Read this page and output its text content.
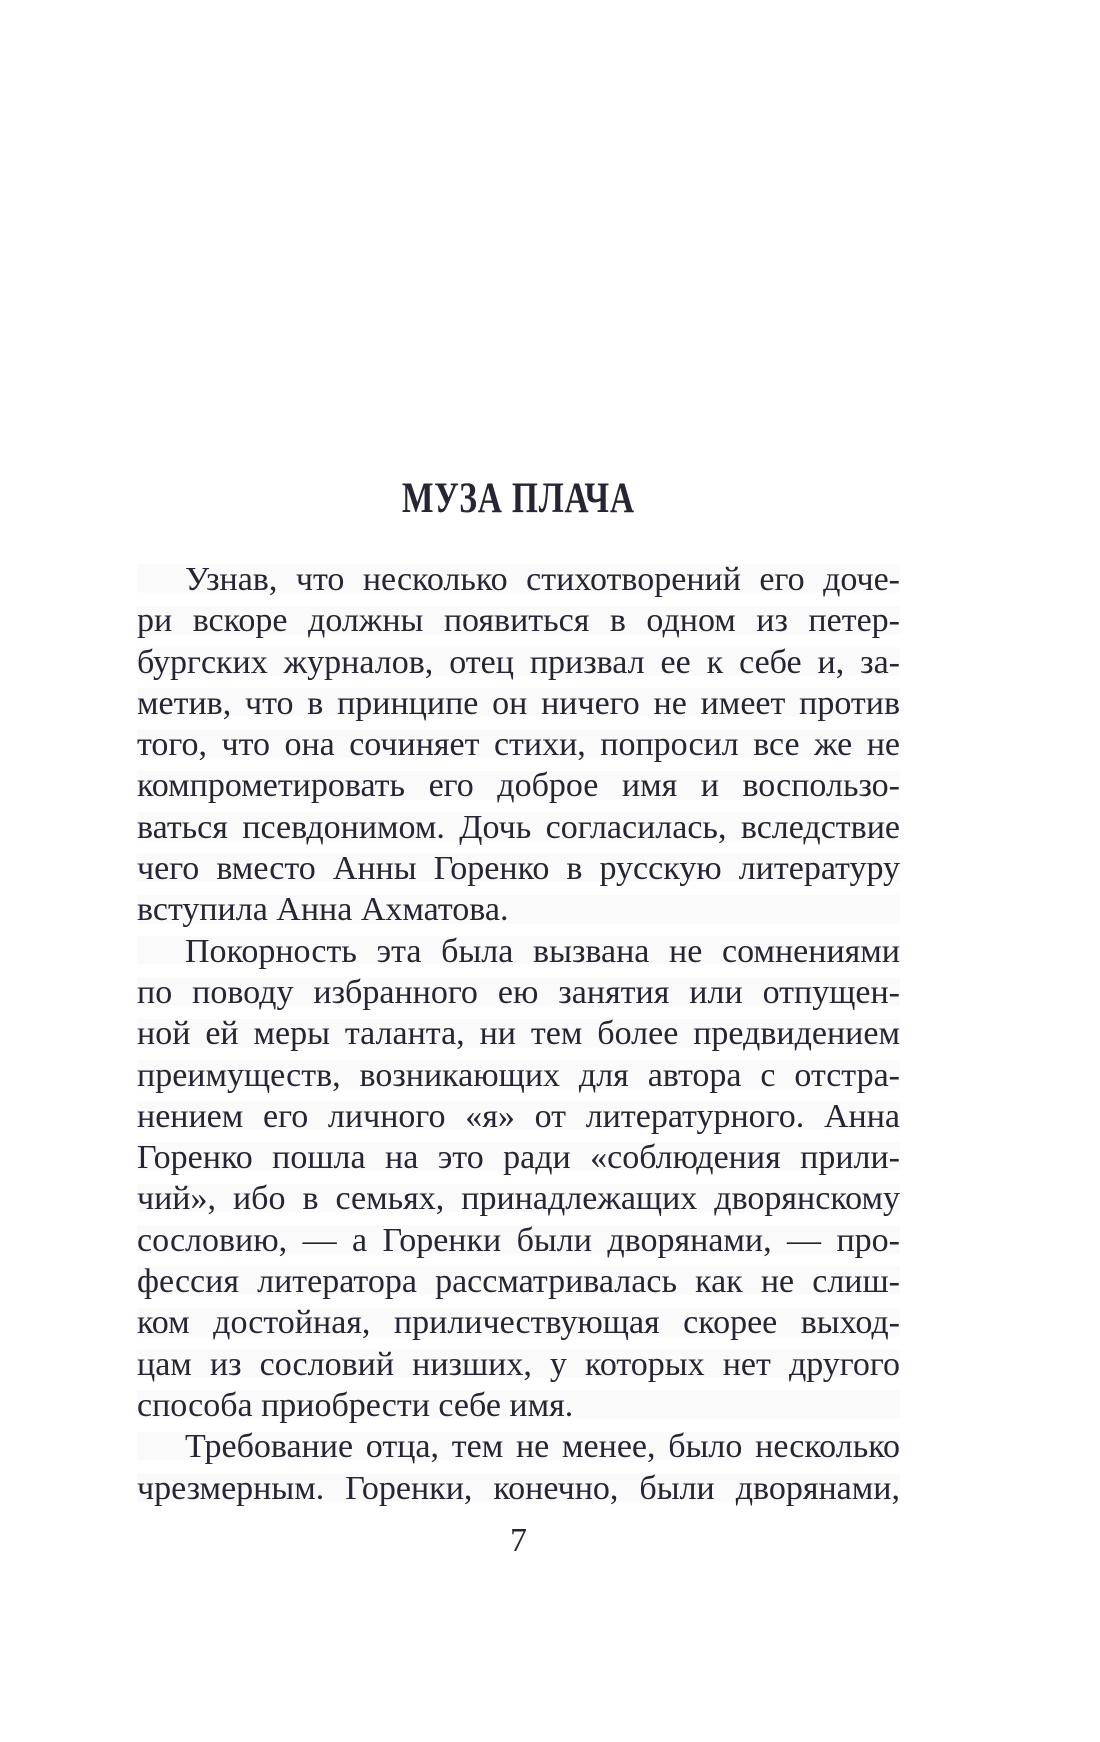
МУЗА ПЛАЧА
Узнав, что несколько стихотворений его доче-
ри вскоре должны появиться в одном из петер-
бургских журналов, отец призвал ее к себе и, за-
метив, что в принципе он ничего не имеет против
того, что она сочиняет стихи, попросил все же не
компрометировать его доброе имя и воспользо-
ваться псевдонимом. Дочь согласилась, вследствие
чего вместо Анны Горенко в русскую литературу
вступила Анна Ахматова.
Покорность эта была вызвана не сомнениями
по поводу избранного ею занятия или отпущен-
ной ей меры таланта, ни тем более предвидением
преимуществ, возникающих для автора с отстра-
нением его личного «я» от литературного. Анна
Горенко пошла на это ради «соблюдения прили-
чий», ибо в семьях, принадлежащих дворянскому
сословию, — а Горенки были дворянами, — про-
фессия литератора рассматривалась как не слиш-
ком достойная, приличествующая скорее выход-
цам из сословий низших, у которых нет другого
способа приобрести себе имя.
Требование отца, тем не менее, было несколько
чрезмерным. Горенки, конечно, были дворянами,
7
